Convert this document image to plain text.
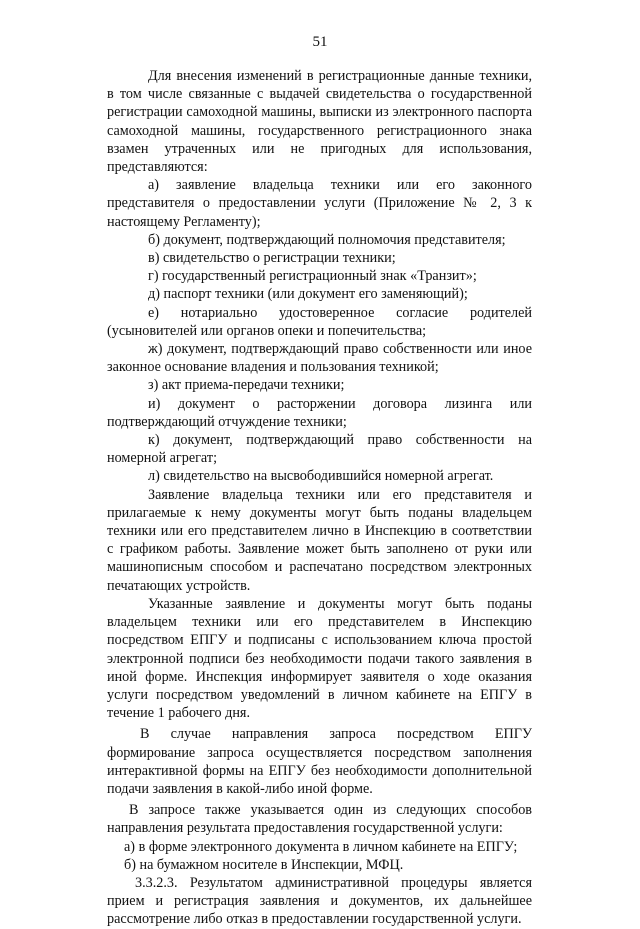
51

Для внесения изменений в регистрационные данные техники, в том числе связанные с выдачей свидетельства о государственной регистрации самоходной машины, выписки из электронного паспорта самоходной машины, государственного регистрационного знака взамен утраченных или не пригодных для использования, представляются:

а) заявление владельца техники или его законного представителя о предоставлении услуги (Приложение № 2, 3 к настоящему Регламенту);

б) документ, подтверждающий полномочия представителя;

в) свидетельство о регистрации техники;

г) государственный регистрационный знак «Транзит»;

д) паспорт техники (или документ его заменяющий);

е) нотариально удостоверенное согласие родителей (усыновителей или органов опеки и попечительства;

ж) документ, подтверждающий право собственности или иное законное основание владения и пользования техникой;

з) акт приема-передачи техники;

и) документ о расторжении договора лизинга или подтверждающий отчуждение техники;

к) документ, подтверждающий право собственности на номерной агрегат;

л) свидетельство на высвободившийся номерной агрегат.

Заявление владельца техники или его представителя и прилагаемые к нему документы могут быть поданы владельцем техники или его представителем лично в Инспекцию в соответствии с графиком работы. Заявление может быть заполнено от руки или машинописным способом и распечатано посредством электронных печатающих устройств.

Указанные заявление и документы могут быть поданы владельцем техники или его представителем в Инспекцию посредством ЕПГУ и подписаны с использованием ключа простой электронной подписи без необходимости подачи такого заявления в иной форме. Инспекция информирует заявителя о ходе оказания услуги посредством уведомлений в личном кабинете на ЕПГУ в течение 1 рабочего дня.

В случае направления запроса посредством ЕПГУ формирование запроса осуществляется посредством заполнения интерактивной формы на ЕПГУ без необходимости дополнительной подачи заявления в какой-либо иной форме.

В запросе также указывается один из следующих способов направления результата предоставления государственной услуги:

а) в форме электронного документа в личном кабинете на ЕПГУ;

б) на бумажном носителе в Инспекции, МФЦ.

3.3.2.3. Результатом административной процедуры является прием и регистрация заявления и документов, их дальнейшее рассмотрение либо отказ в предоставлении государственной услуги.
